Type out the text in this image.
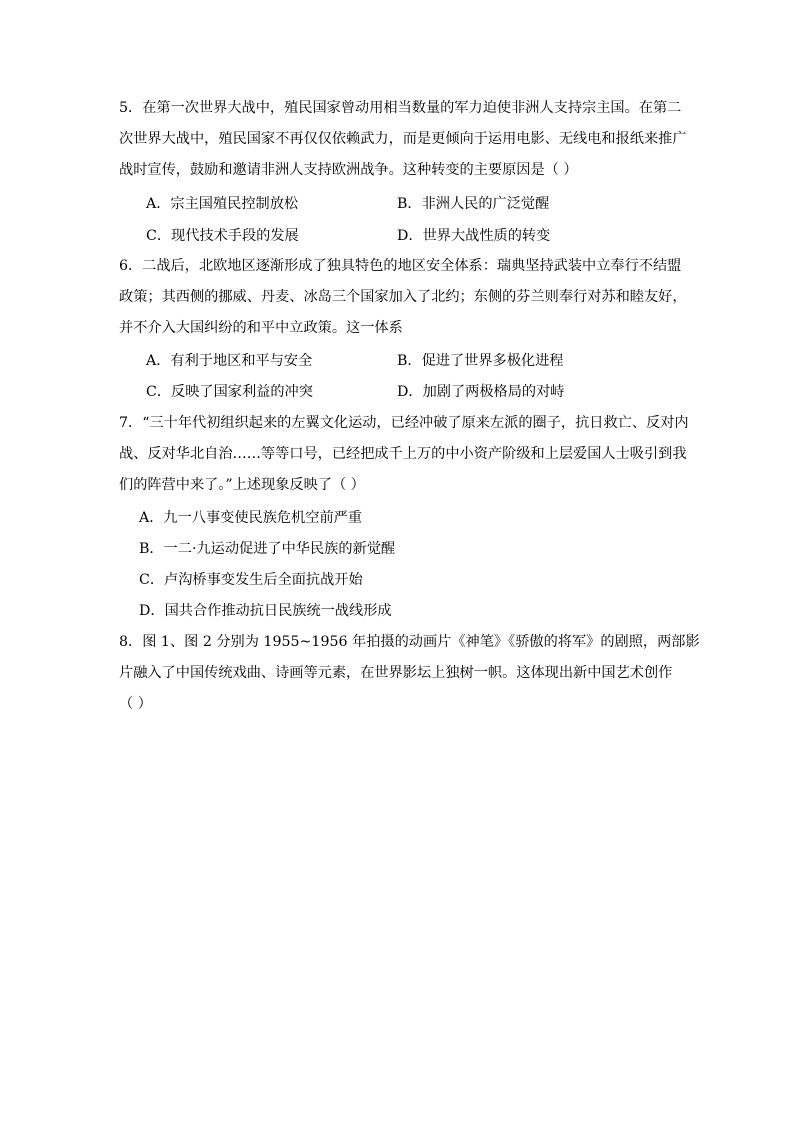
5．在第一次世界大战中，殖民国家曾动用相当数量的军力迫使非洲人支持宗主国。在第二
次世界大战中，殖民国家不再仅仅依赖武力，而是更倾向于运用电影、无线电和报纸来推广
战时宣传，鼓励和邀请非洲人支持欧洲战争。这种转变的主要原因是（ ）
A．宗主国殖民控制放松	B．非洲人民的广泛觉醒
C．现代技术手段的发展	D．世界大战性质的转变
6．二战后，北欧地区逐渐形成了独具特色的地区安全体系：瑞典坚持武装中立奉行不结盟
政策；其西侧的挪威、丹麦、冰岛三个国家加入了北约；东侧的芬兰则奉行对苏和睦友好，
并不介入大国纠纷的和平中立政策。这一体系
A．有利于地区和平与安全	B．促进了世界多极化进程
C．反映了国家利益的冲突	D．加剧了两极格局的对峙
7．“三十年代初组织起来的左翼文化运动，已经冲破了原来左派的圈子，抗日救亡、反对内
战、反对华北自治……等等口号，已经把成千上万的中小资产阶级和上层爱国人士吸引到我
们的阵营中来了。”上述现象反映了（ ）
A．九一八事变使民族危机空前严重
B．一二·九运动促进了中华民族的新觉醒
C．卢沟桥事变发生后全面抗战开始
D．国共合作推动抗日民族统一战线形成
8．图 1、图 2 分别为 1955~1956 年拍摄的动画片《神笔》《骄傲的将军》的剧照，两部影
片融入了中国传统戏曲、诗画等元素，在世界影坛上独树一帜。这体现出新中国艺术创作
（ ）
